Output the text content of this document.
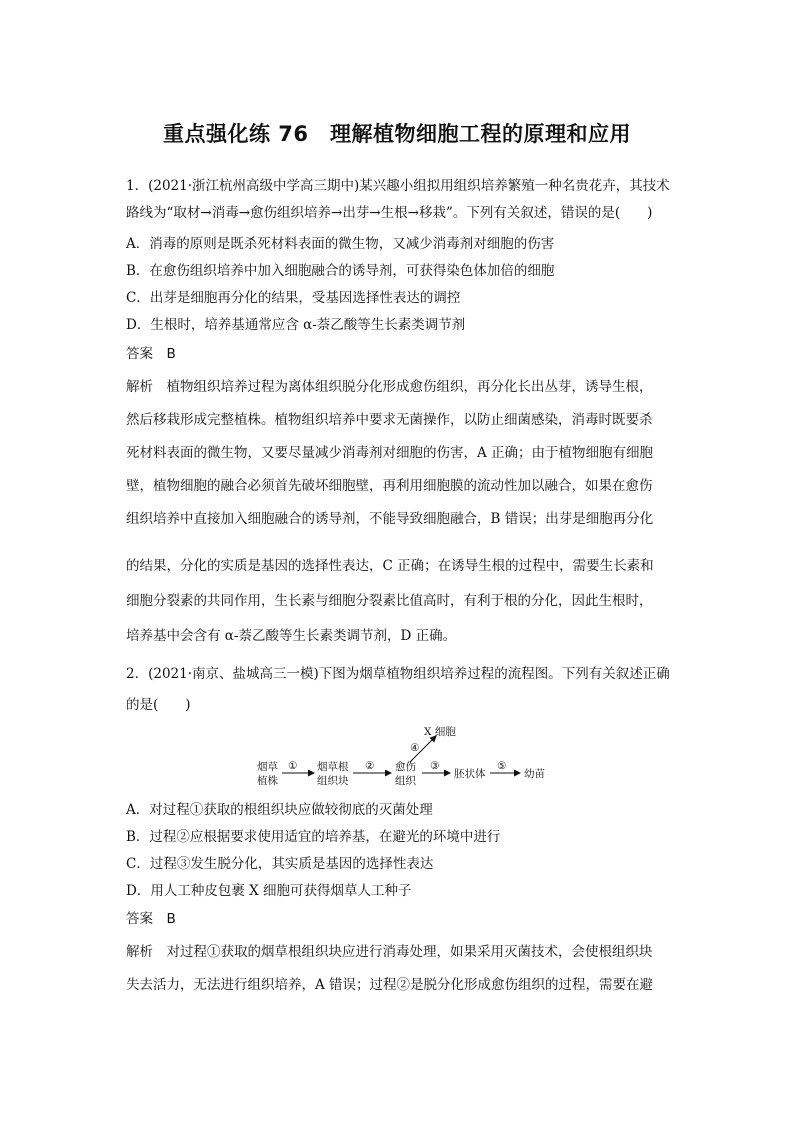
重点强化练 76　理解植物细胞工程的原理和应用
1．(2021·浙江杭州高级中学高三期中)某兴趣小组拟用组织培养繁殖一种名贵花卉，其技术
路线为“取材→消毒→愈伤组织培养→出芽→生根→移栽”。下列有关叙述，错误的是(　　)
A．消毒的原则是既杀死材料表面的微生物，又减少消毒剂对细胞的伤害
B．在愈伤组织培养中加入细胞融合的诱导剂，可获得染色体加倍的细胞
C．出芽是细胞再分化的结果，受基因选择性表达的调控
D．生根时，培养基通常应含 α-萘乙酸等生长素类调节剂
答案　B
解析　植物组织培养过程为离体组织脱分化形成愈伤组织，再分化长出丛芽，诱导生根，
然后移栽形成完整植株。植物组织培养中要求无菌操作，以防止细菌感染，消毒时既要杀
死材料表面的微生物，又要尽量减少消毒剂对细胞的伤害，A 正确；由于植物细胞有细胞
壁，植物细胞的融合必须首先破坏细胞壁，再利用细胞膜的流动性加以融合，如果在愈伤
组织培养中直接加入细胞融合的诱导剂，不能导致细胞融合，B 错误；出芽是细胞再分化
的结果，分化的实质是基因的选择性表达，C 正确；在诱导生根的过程中，需要生长素和
细胞分裂素的共同作用，生长素与细胞分裂素比值高时，有利于根的分化，因此生根时，
培养基中会含有 α-萘乙酸等生长素类调节剂，D 正确。
2．(2021·南京、盐城高三一模)下图为烟草植物组织培养过程的流程图。下列有关叙述正确
的是(　　)
烟草
植株
① 烟草根
组织块
② 愈伤
组织
③
胚状体
⑤
幼苗
④
X 细胞
A．对过程①获取的根组织块应做较彻底的灭菌处理
B．过程②应根据要求使用适宜的培养基，在避光的环境中进行
C．过程③发生脱分化，其实质是基因的选择性表达
D．用人工种皮包裹 X 细胞可获得烟草人工种子
答案　B
解析　对过程①获取的烟草根组织块应进行消毒处理，如果采用灭菌技术，会使根组织块
失去活力，无法进行组织培养，A 错误；过程②是脱分化形成愈伤组织的过程，需要在避
